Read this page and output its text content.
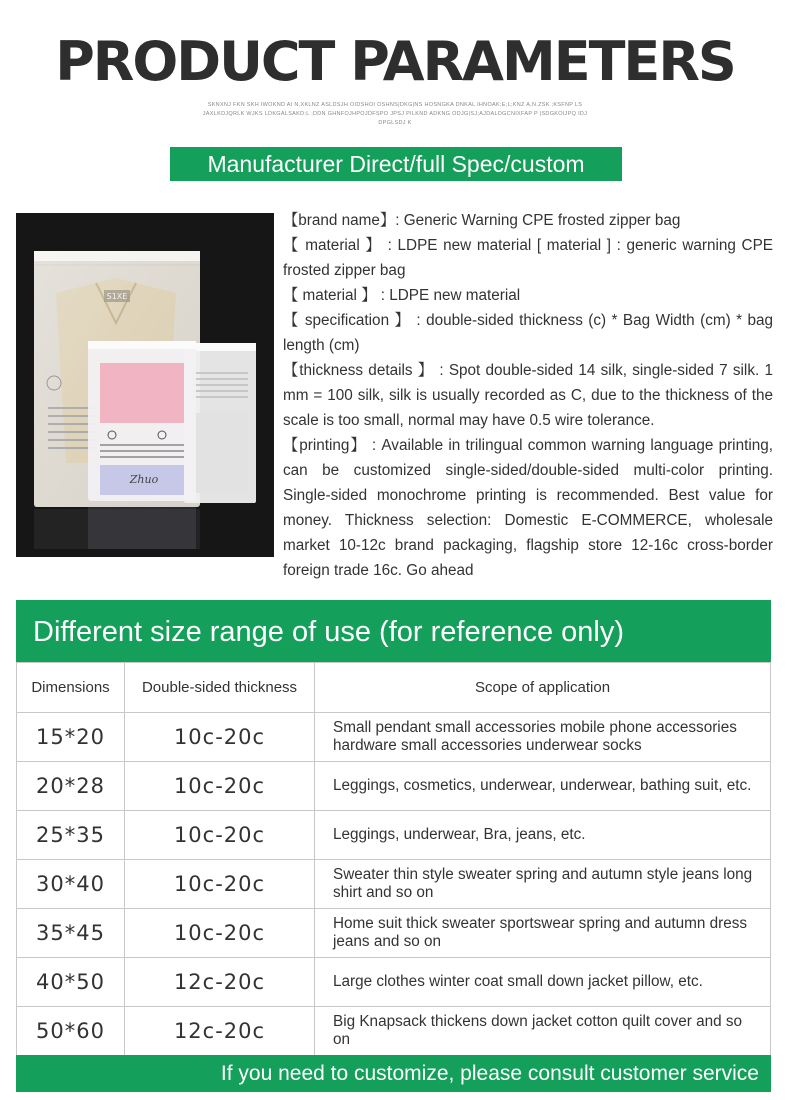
PRODUCT PARAMETERS
SKNXNJ FKN SKH IWOKND AI N,XKLNZ ASLDSJH OIDSHOI OSHNS|DKG|NS HOSNGKA DNKAL IHNOAK;E;L;KNZ A,N.ZSK ;KSFNP LS JAXLKDJQRLK WJKS LDKGALSAKD;L ;DDN GHNFOJHPOJDFSPO JPSJ PILKND ADKNG ODJG|SJ;AJDALDGCNIXFAP P |SDGKOIJPQ IDJ DPGLSDJ K
Manufacturer Direct/full Spec/custom
Zhuo

【brand name】: Generic Warning CPE frosted zipper bag

【 material 】 : LDPE new material [ material ] : generic warning CPE frosted zipper bag

【 material 】 : LDPE new material

【 specification 】 : double-sided thickness (c) * Bag Width (cm) * bag length (cm)

【thickness details 】 : Spot double-sided 14 silk, single-sided 7 silk. 1 mm = 100 silk, silk is usually recorded as C, due to the thickness of the scale is too small, normal may have 0.5 wire tolerance.

【printing】 : Available in trilingual common warning language printing, can be customized single-sided/double-sided multi-color printing. Single-sided monochrome printing is recommended. Best value for money. Thickness selection: Domestic E-COMMERCE, wholesale market 10-12c brand packaging, flagship store 12-16c cross-border foreign trade 16c. Go ahead

Different size range of use (for reference only)
Dimensions	Double-sided thickness	Scope of application
15*20	10c-20c	Small pendant small accessories mobile phone accessories hardware small accessories underwear socks
20*28	10c-20c	Leggings, cosmetics, underwear, underwear, bathing suit, etc.
25*35	10c-20c	Leggings, underwear, Bra, jeans, etc.
30*40	10c-20c	Sweater thin style sweater spring and autumn style jeans long shirt and so on
35*45	10c-20c	Home suit thick sweater sportswear spring and autumn dress jeans and so on
40*50	12c-20c	Large clothes winter coat small down jacket pillow, etc.
50*60	12c-20c	Big Knapsack thickens down jacket cotton quilt cover and so on
If you need to customize, please consult customer service
